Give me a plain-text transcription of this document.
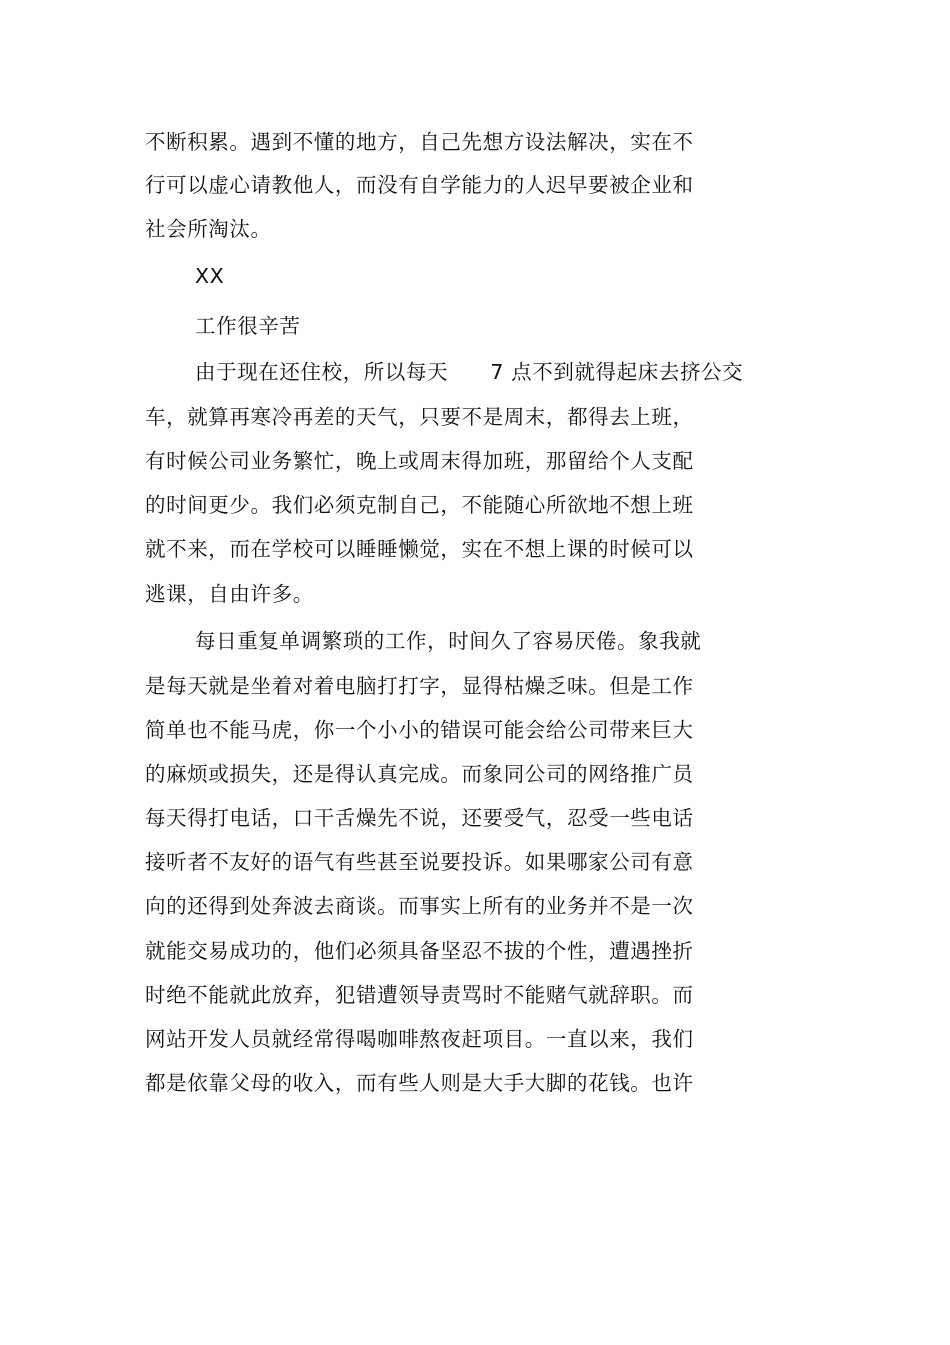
不断积累。遇到不懂的地方，自己先想方设法解决，实在不
行可以虚心请教他人，而没有自学能力的人迟早要被企业和
社会所淘汰。
XX
工作很辛苦
由于现在还住校，所以每天　　7 点不到就得起床去挤公交
车，就算再寒冷再差的天气，只要不是周末，都得去上班，
有时候公司业务繁忙，晚上或周末得加班，那留给个人支配
的时间更少。我们必须克制自己，不能随心所欲地不想上班
就不来，而在学校可以睡睡懒觉，实在不想上课的时候可以
逃课，自由许多。
每日重复单调繁琐的工作，时间久了容易厌倦。象我就
是每天就是坐着对着电脑打打字，显得枯燥乏味。但是工作
简单也不能马虎，你一个小小的错误可能会给公司带来巨大
的麻烦或损失，还是得认真完成。而象同公司的网络推广员
每天得打电话，口干舌燥先不说，还要受气，忍受一些电话
接听者不友好的语气有些甚至说要投诉。如果哪家公司有意
向的还得到处奔波去商谈。而事实上所有的业务并不是一次
就能交易成功的，他们必须具备坚忍不拔的个性，遭遇挫折
时绝不能就此放弃，犯错遭领导责骂时不能赌气就辞职。而
网站开发人员就经常得喝咖啡熬夜赶项目。一直以来，我们
都是依靠父母的收入，而有些人则是大手大脚的花钱。也许
